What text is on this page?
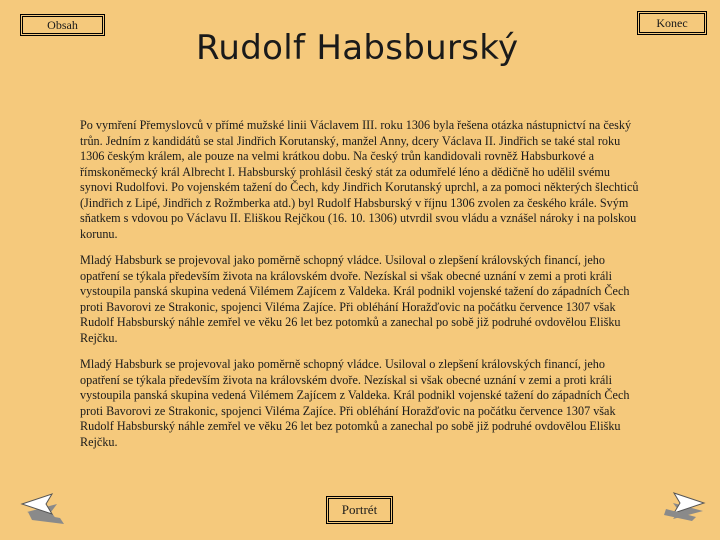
Obsah	Konec
Rudolf Habsburský

Po vymření Přemyslovců v přímé mužské linii Václavem III. roku 1306 byla řešena otázka nástupnictví na český trůn. Jedním z kandidátů se stal Jindřich Korutanský, manžel Anny, dcery Václava II. Jindřich se také stal roku 1306 českým králem, ale pouze na velmi krátkou dobu. Na český trůn kandidovali rovněž Habsburkové a římskoněmecký král Albrecht I. Habsburský prohlásil český stát za odumřelé léno a dědičně ho udělil svému synovi Rudolfovi. Po vojenském tažení do Čech, kdy Jindřich Korutanský uprchl, a za pomoci některých šlechticů (Jindřich z Lipé, Jindřich z Rožmberka atd.) byl Rudolf Habsburský v říjnu 1306 zvolen za českého krále. Svým sňatkem s vdovou po Václavu II. Eliškou Rejčkou (16. 10. 1306) utvrdil svou vládu a vznášel nároky i na polskou korunu.

Mladý Habsburk se projevoval jako poměrně schopný vládce. Usiloval o zlepšení královských financí, jeho opatření se týkala především života na královském dvoře. Nezískal si však obecné uznání v zemi a proti králi vystoupila panská skupina vedená Vilémem Zajícem z Valdeka. Král podnikl vojenské tažení do západních Čech proti Bavorovi ze Strakonic, spojenci Viléma Zajíce. Při obléhání Horažďovic na počátku července 1307 však Rudolf Habsburský náhle zemřel ve věku 26 let bez potomků a zanechal po sobě již podruhé ovdovělou Elišku Rejčku.

Mladý Habsburk se projevoval jako poměrně schopný vládce. Usiloval o zlepšení královských financí, jeho opatření se týkala především života na královském dvoře. Nezískal si však obecné uznání v zemi a proti králi vystoupila panská skupina vedená Vilémem Zajícem z Valdeka. Král podnikl vojenské tažení do západních Čech proti Bavorovi ze Strakonic, spojenci Viléma Zajíce. Při obléhání Horažďovic na počátku července 1307 však Rudolf Habsburský náhle zemřel ve věku 26 let bez potomků a zanechal po sobě již podruhé ovdovělou Elišku Rejčku.

Portrét
